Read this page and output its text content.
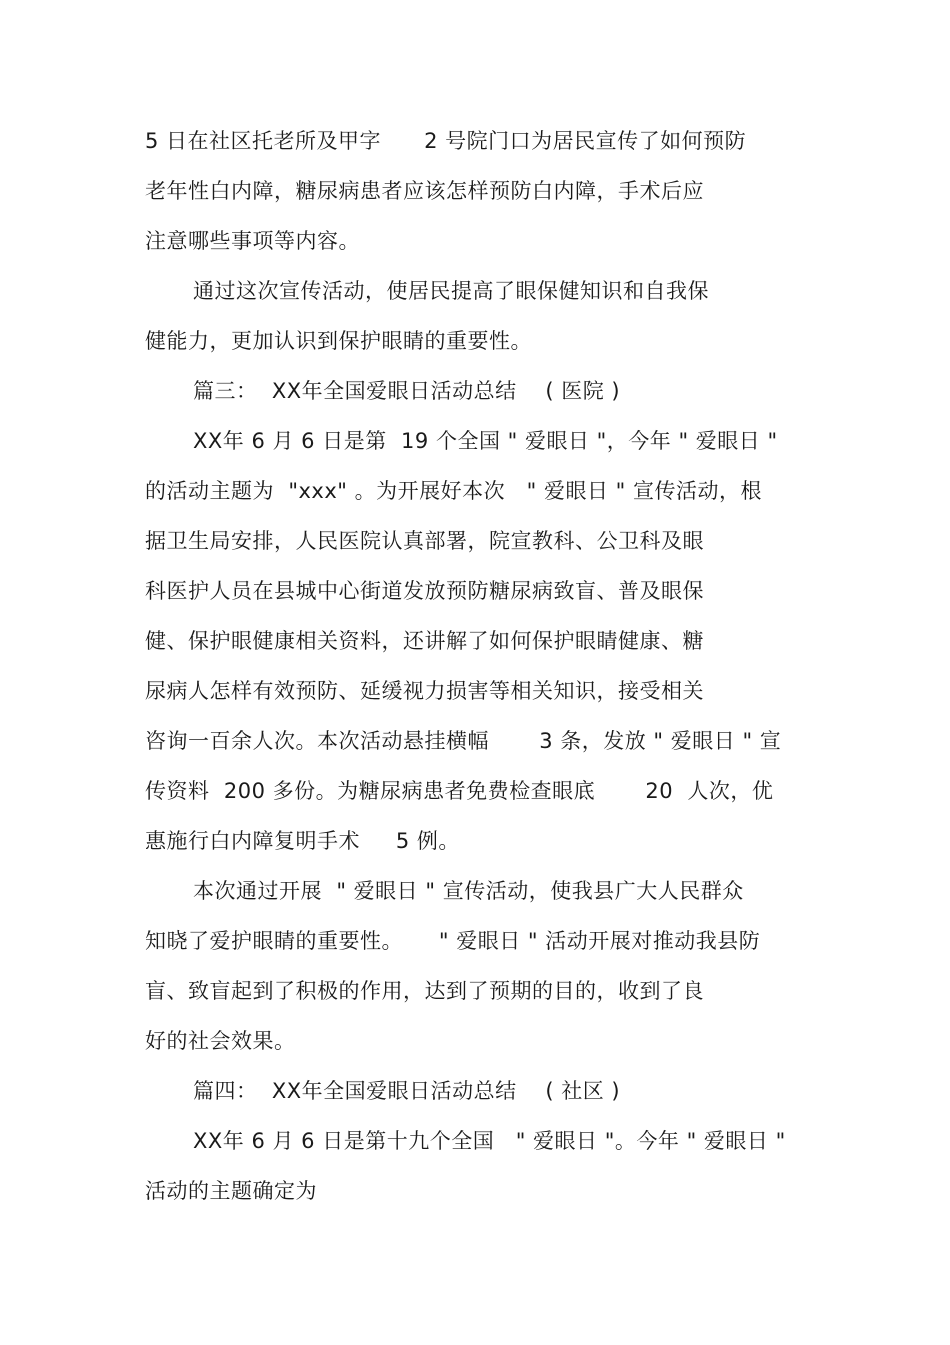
5 日在社区托老所及甲字      2 号院门口为居民宣传了如何预防
老年性白内障，糖尿病患者应该怎样预防白内障，手术后应
注意哪些事项等内容。
通过这次宣传活动，使居民提高了眼保健知识和自我保
健能力，更加认识到保护眼睛的重要性。
篇三：  XX年全国爱眼日活动总结    ( 医院 )
XX年 6 月 6 日是第  19 个全国 " 爱眼日 "，今年 " 爱眼日 "
的活动主题为  "xxx" 。为开展好本次   " 爱眼日 " 宣传活动，根
据卫生局安排，人民医院认真部署，院宣教科、公卫科及眼
科医护人员在县城中心街道发放预防糖尿病致盲、普及眼保
健、保护眼健康相关资料，还讲解了如何保护眼睛健康、糖
尿病人怎样有效预防、延缓视力损害等相关知识，接受相关
咨询一百余人次。本次活动悬挂横幅       3 条，发放 " 爱眼日 " 宣
传资料  200 多份。为糖尿病患者免费检查眼底       20  人次，优
惠施行白内障复明手术     5 例。
本次通过开展  " 爱眼日 " 宣传活动，使我县广大人民群众
知晓了爱护眼睛的重要性。     " 爱眼日 " 活动开展对推动我县防
盲、致盲起到了积极的作用，达到了预期的目的，收到了良
好的社会效果。
篇四：  XX年全国爱眼日活动总结    ( 社区 )
XX年 6 月 6 日是第十九个全国   " 爱眼日 "。今年 " 爱眼日 "
活动的主题确定为
